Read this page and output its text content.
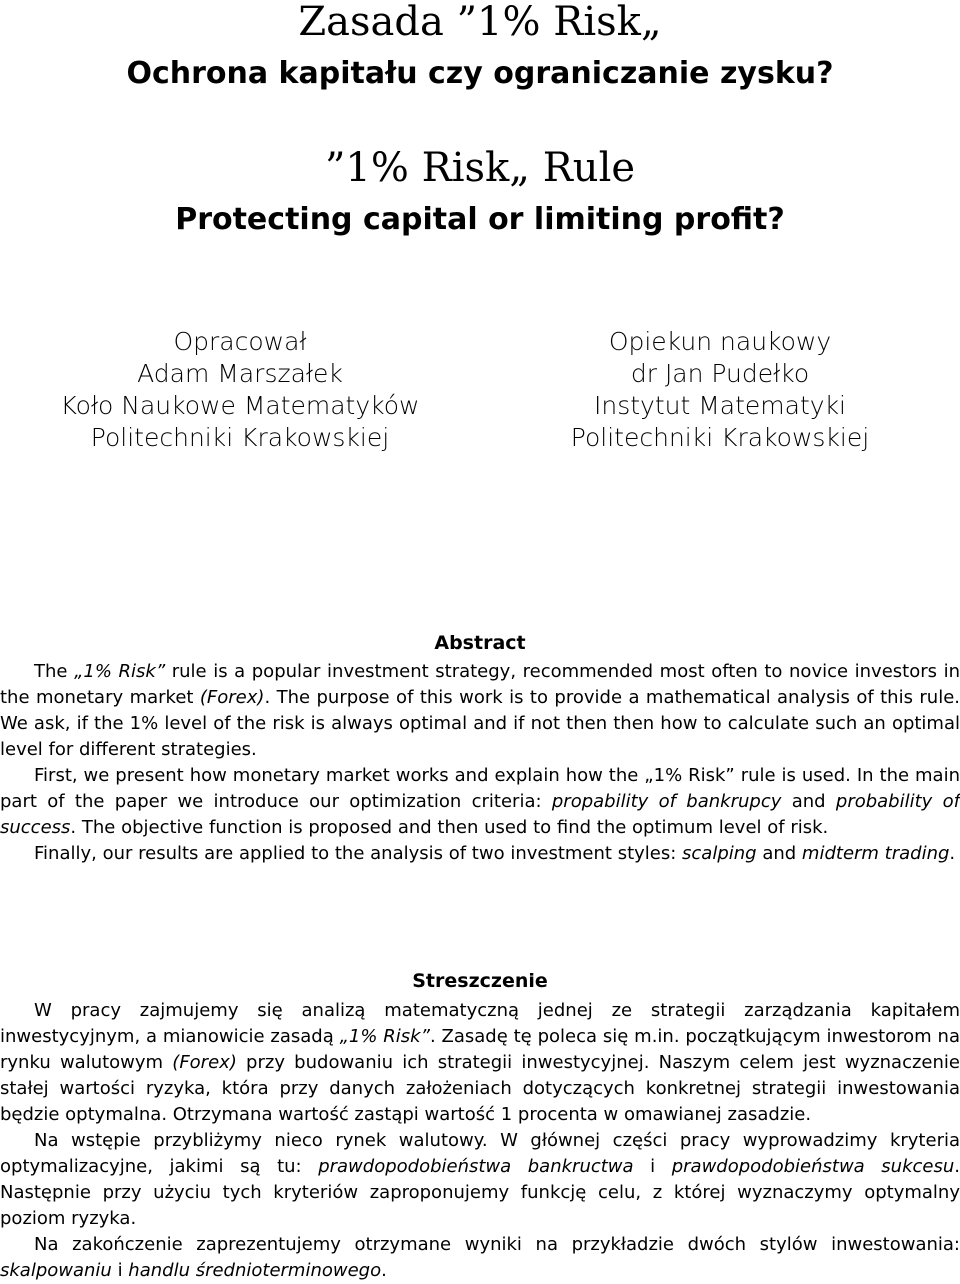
Zasada ”1% Risk„
Ochrona kapitału czy ograniczanie zysku?
”1% Risk„ Rule
Protecting capital or limiting profit?
Opracował
Adam Marszałek
Koło Naukowe Matematyków
Politechniki Krakowskiej
Opiekun naukowy
dr Jan Pudełko
Instytut Matematyki
Politechniki Krakowskiej
Abstract

The „1% Risk” rule is a popular investment strategy, recommended most often to novice investors in the monetary market (Forex). The purpose of this work is to provide a mathematical analysis of this rule. We ask, if the 1% level of the risk is always optimal and if not then then how to calculate such an optimal level for different strategies.

First, we present how monetary market works and explain how the „1% Risk” rule is used. In the main part of the paper we introduce our optimization criteria: propability of bankrupcy and probability of success. The objective function is proposed and then used to find the optimum level of risk.

Finally, our results are applied to the analysis of two investment styles: scalping and midterm trading.

Streszczenie

W pracy zajmujemy się analizą matematyczną jednej ze strategii zarządzania kapitałem inwestycyjnym, a mianowicie zasadą „1% Risk”. Zasadę tę poleca się m.in. początkującym inwestorom na rynku walutowym (Forex) przy budowaniu ich strategii inwestycyjnej. Naszym celem jest wyznaczenie stałej wartości ryzyka, która przy danych założeniach dotyczących konkretnej strategii inwestowania będzie optymalna. Otrzymana wartość zastąpi wartość 1 procenta w omawianej zasadzie.

Na wstępie przybliżymy nieco rynek walutowy. W głównej części pracy wyprowadzimy kryteria optymalizacyjne, jakimi są tu: prawdopodobieństwa bankructwa i prawdopodobieństwa sukcesu. Następnie przy użyciu tych kryteriów zaproponujemy funkcję celu, z której wyznaczymy optymalny poziom ryzyka.

Na zakończenie zaprezentujemy otrzymane wyniki na przykładzie dwóch stylów inwestowania: skalpowaniu i handlu średnioterminowego.
